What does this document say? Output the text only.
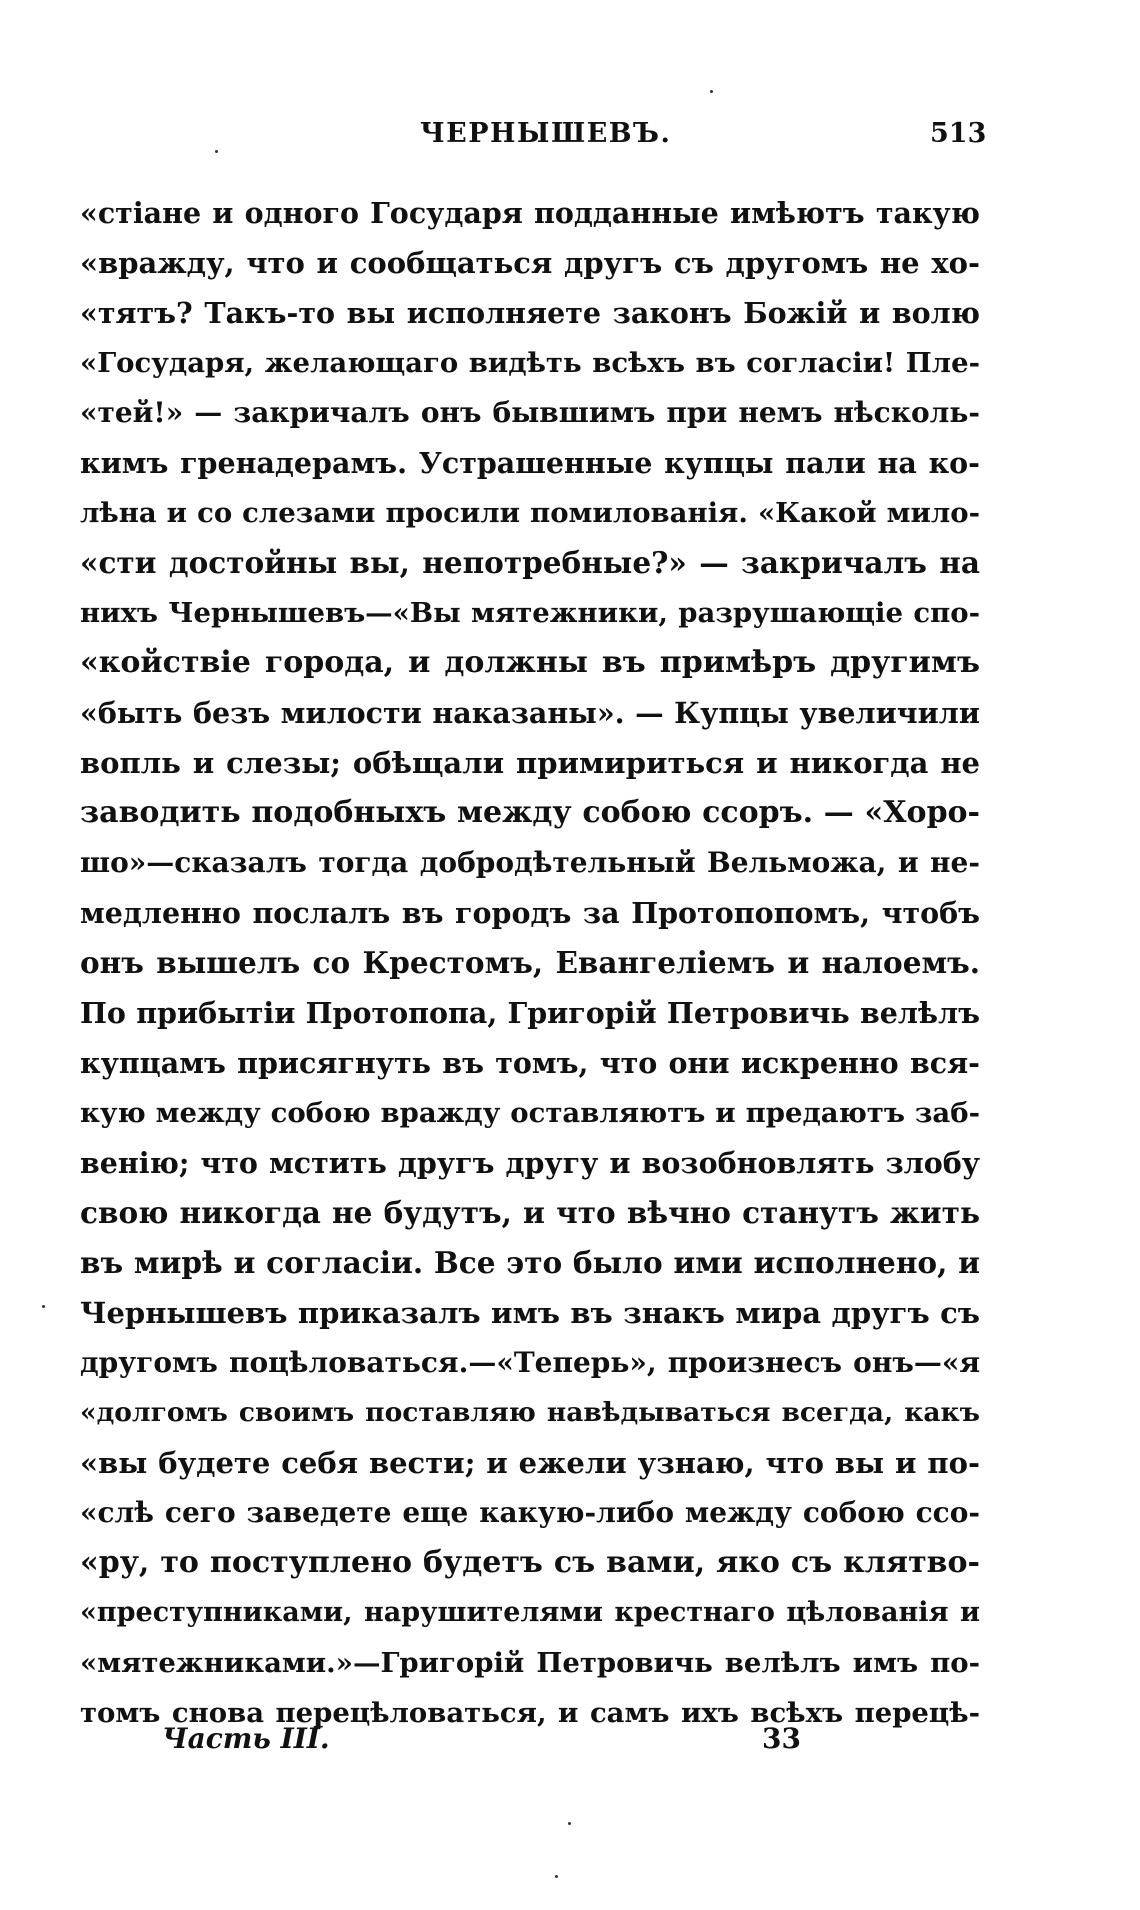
ЧЕРНЫШЕВЪ.	513
«стіане и одного Государя подданные имѣютъ такую
«вражду, что и сообщаться другъ съ другомъ не хо-
«тятъ? Такъ-то вы исполняете законъ Божій и волю
«Государя, желающаго видѣть всѣхъ въ согласіи! Пле-
«тей!» — закричалъ онъ бывшимъ при немъ нѣсколь-
кимъ гренадерамъ. Устрашенные купцы пали на ко-
лѣна и со слезами просили помилованія. «Какой мило-
«сти достойны вы, непотребные?» — закричалъ на
нихъ Чернышевъ—«Вы мятежники, разрушающіе спо-
«койствіе города, и должны въ примѣръ другимъ
«быть безъ милости наказаны». — Купцы увеличили
вопль и слезы; обѣщали примириться и никогда не
заводить подобныхъ между собою ссоръ. — «Хоро-
шо»—сказалъ тогда добродѣтельный Вельможа, и не-
медленно послалъ въ городъ за Протопопомъ, чтобъ
онъ вышелъ со Крестомъ, Евангеліемъ и налоемъ.
По прибытіи Протопопа, Григорій Петровичь велѣлъ
купцамъ присягнуть въ томъ, что они искренно вся-
кую между собою вражду оставляютъ и предаютъ заб-
венію; что мстить другъ другу и возобновлять злобу
свою никогда не будутъ, и что вѣчно станутъ жить
въ мирѣ и согласіи. Все это было ими исполнено, и
Чернышевъ приказалъ имъ въ знакъ мира другъ съ
другомъ поцѣловаться.—«Теперь», произнесъ онъ—«я
«долгомъ своимъ поставляю навѣдываться всегда, какъ
«вы будете себя вести; и ежели узнаю, что вы и по-
«слѣ сего заведете еще какую-либо между собою ссо-
«ру, то поступлено будетъ съ вами, яко съ клятво-
«преступниками, нарушителями крестнаго цѣлованія и
«мятежниками.»—Григорій Петровичь велѣлъ имъ по-
томъ снова перецѣловаться, и самъ ихъ всѣхъ перецѣ-
Часть III.	33
